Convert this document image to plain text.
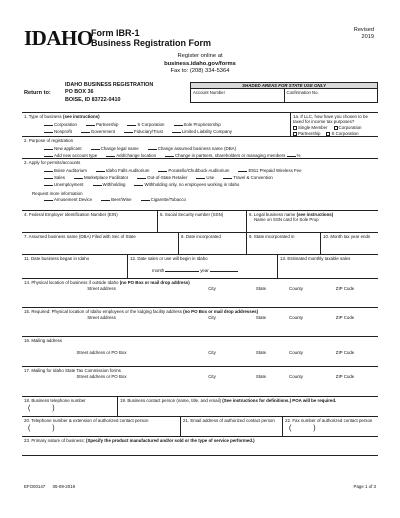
IDAHO
Form IBR-1
Business Registration Form
Revised
2019
Register online at
business.idaho.gov/forms
Fax to: (208) 334-5364
Return to:
IDAHO BUSINESS REGISTRATION
PO BOX 36
BOISE, ID 83722-0410
SHADED AREAS FOR STATE USE ONLY
Account Number	Confirmation No.
1. Type of business (see instructions)
Corporation	Partnership	S Corporation	Sole Proprietorship
Nonprofit	Government	Fiduciary/Trust	Limited Liability Company
1a. If LLC, how have you chosen to be taxed for income tax purposes?
Single Member	Corporation
Partnership	S Corporation
2. Purpose of registration
New applicant	Change legal name	Change assumed business name (DBA)
Add new account type	Add/change location	Change in partners, shareholders or managing members	%
3. Apply for permits/accounts
Boise Auditorium	Idaho Falls Auditorium	Pocatello/Chubbuck Auditorium	E911 Prepaid Wireless Fee
Sales	Marketplace Facilitator	Out-of-State Retailer	Use	Travel & Convention
Unemployment	Withholding	Withholding only, no employees working in Idaho
Request more information
Amusement Device	Beer/Wine	Cigarette/Tobacco
4. Federal Employer Identification Number (EIN)	5. Social Security number (SSN)	6. Legal business name (see instructions)
Name on SSN card for Sole Prop
7. Assumed business name (DBA) Filed with Sec of State	8. Date incorporated	9. State incorporated in	10. Month tax year ends
11. Date business began in Idaho	12. Date sales or use will begin in Idaho
month	year
13. Estimated monthly taxable sales
14. Physical location of business if outside Idaho (no PO Box or mail drop address)
Street address	City	State	County	ZIP Code
15. Required: Physical location of Idaho employees or the lodging facility address (no PO Box or mail drop addresses)
Street address	City	State	County	ZIP Code
16. Mailing address
Street address or PO Box	City	State	County	ZIP Code
17. Mailing for Idaho State Tax Commission forms
Street address or PO Box	City	State	County	ZIP Code
18. Business telephone number
( )
19. Business contact person (name, title, and email) (See instructions for definitions.) POA will be required.
20. Telephone number & extension of authorized contact person
( )
21. Email address of authorized contact person	22. Fax number of authorized contact person
( )
23. Primary nature of business: (Specify the product manufactured and/or sold or the type of service performed.)
EFO00147 05-09-2019	Page 1 of 3
